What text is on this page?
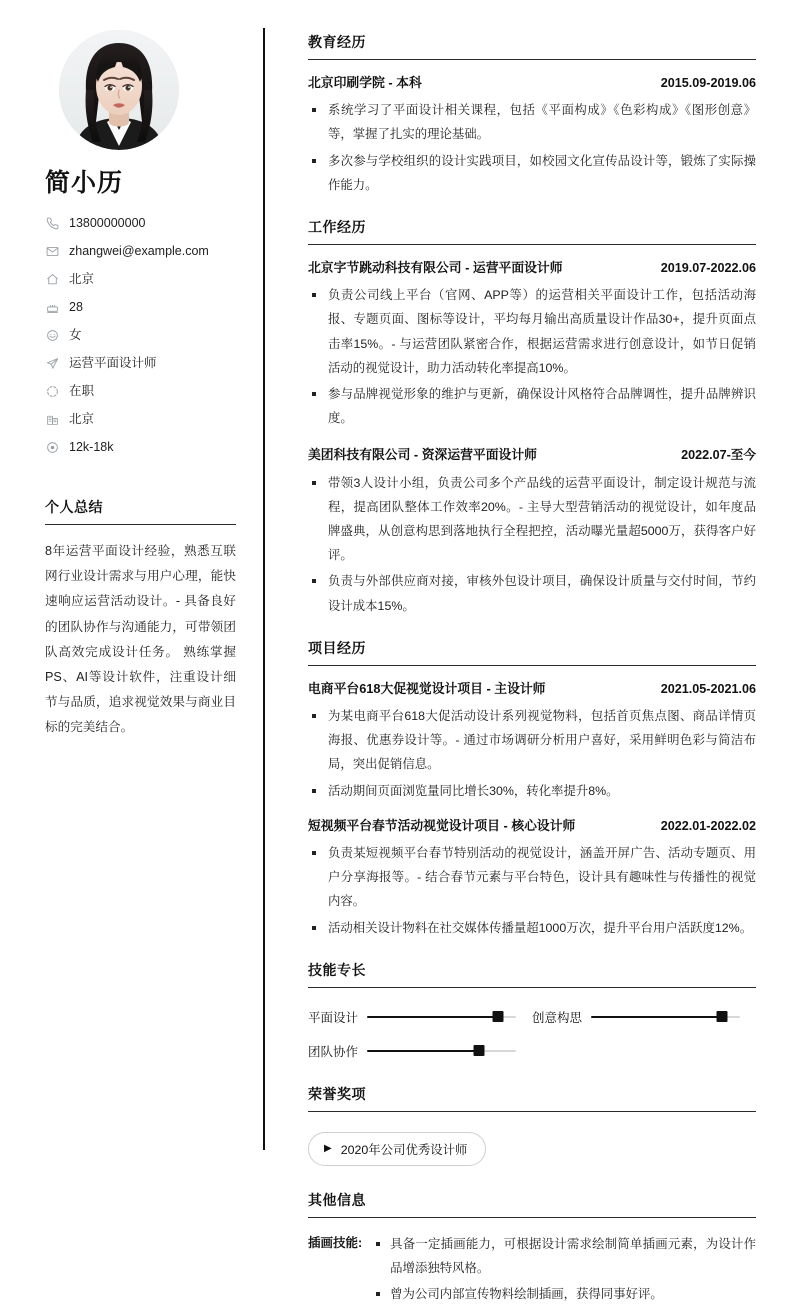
简小历
13800000000
zhangwei@example.com
北京
28
女
运营平面设计师
在职
北京
12k-18k
个人总结

8年运营平面设计经验，熟悉互联网行业设计需求与用户心理，能快速响应运营活动设计。- 具备良好的团队协作与沟通能力，可带领团队高效完成设计任务。 熟练掌握PS、AI等设计软件，注重设计细节与品质，追求视觉效果与商业目标的完美结合。

教育经历
北京印刷学院 - 本科	2015.09-2019.06
系统学习了平面设计相关课程，包括《平面构成》《色彩构成》《图形创意》等，掌握了扎实的理论基础。
多次参与学校组织的设计实践项目，如校园文化宣传品设计等，锻炼了实际操作能力。
工作经历
北京字节跳动科技有限公司 - 运营平面设计师	2019.07-2022.06
负责公司线上平台（官网、APP等）的运营相关平面设计工作，包括活动海报、专题页面、图标等设计，平均每月输出高质量设计作品30+，提升页面点击率15%。- 与运营团队紧密合作，根据运营需求进行创意设计，如节日促销活动的视觉设计，助力活动转化率提高10%。
参与品牌视觉形象的维护与更新，确保设计风格符合品牌调性，提升品牌辨识度。
美团科技有限公司 - 资深运营平面设计师	2022.07-至今
带领3人设计小组，负责公司多个产品线的运营平面设计，制定设计规范与流程，提高团队整体工作效率20%。- 主导大型营销活动的视觉设计，如年度品牌盛典，从创意构思到落地执行全程把控，活动曝光量超5000万，获得客户好评。
负责与外部供应商对接，审核外包设计项目，确保设计质量与交付时间，节约设计成本15%。
项目经历
电商平台618大促视觉设计项目 - 主设计师	2021.05-2021.06
为某电商平台618大促活动设计系列视觉物料，包括首页焦点图、商品详情页海报、优惠券设计等。- 通过市场调研分析用户喜好，采用鲜明色彩与简洁布局，突出促销信息。
活动期间页面浏览量同比增长30%，转化率提升8%。
短视频平台春节活动视觉设计项目 - 核心设计师	2022.01-2022.02
负责某短视频平台春节特别活动的视觉设计，涵盖开屏广告、活动专题页、用户分享海报等。- 结合春节元素与平台特色，设计具有趣味性与传播性的视觉内容。
活动相关设计物料在社交媒体传播量超1000万次，提升平台用户活跃度12%。
技能专长
平面设计	创意构思
团队协作
荣誉奖项
▶ 2020年公司优秀设计师
其他信息
插画技能:	具备一定插画能力，可根据设计需求绘制简单插画元素，为设计作品增添独特风格。
曾为公司内部宣传物料绘制插画，获得同事好评。
